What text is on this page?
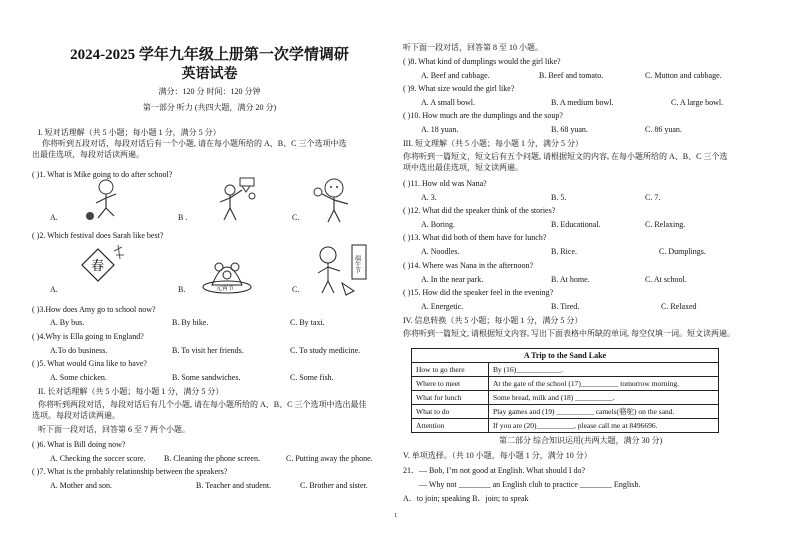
2024-2025 学年九年级上册第一次学情调研
英语试卷
满分：120 分 时间：120 分钟
第一部分 听力 (共四大题，满分 20 分)
I. 短对话理解（共 5 小题；每小题 1 分，满分 5 分）
你将听到五段对话，每段对话后有一个小题, 请在每小题所给的 A、B、C 三个选项中选
出最佳选项，每段对话读两遍。
( )1. What is Mike going to do after school?
A.	B .	C.
( )2. Which festival does Sarah like best?
A.	B.	C.
春
元宵节
端午节
( )3.How does Amy go to school now?
A. By bus.	B. By bike.	C. By taxi.
( )4.Why is Ella going to England?
A.To do business.	B. To visit her friends.	C. To study medicine.
( )5. What would Gina like to have?
A. Some chicken.	B. Some sandwiches.	C. Some fish.
II. 长对话理解（共 5 小题；每小题 1 分，满分 5 分）
你将听到两段对话，每段对话后有几个小题, 请在每小题所给的 A、B、C 三个选项中选出最佳
选项。每段对话读两遍。
听下面一段对话，回答第 6 至 7 两个小题。
( )6. What is Bill doing now?
A. Checking the soccer score. B. Cleaning the phone screen.	C. Putting away the phone.
( )7. What is the probably relationship between the speakers?
A. Mother and son.	B. Teacher and student.	C. Brother and sister.
听下面一段对话，回答第 8 至 10 小题。
( )8. What kind of dumplings would the girl like?
A. Beef and cabbage.	B. Beef and tomato.	C. Mutton and cabbage.
( )9. What size would the girl like?
A. A small bowl.	B. A medium bowl.	C. A large bowl.
( )10. How much are the dumplings and the soup?
A. 18 yuan.	B. 68 yuan.	C. 86 yuan.
III. 短文理解（共 5 小题；每小题 1 分，满分 5 分）
你将听到一篇短文，短文后有五个问题, 请根据短文的内容, 在每小题所给的 A、B、C 三个选
项中选出最佳选项，短文读两遍。
( )11. How old was Nana?
A. 3.	B. 5.	C. 7.
( )12. What did the speaker think of the stories?
A. Boring.	B. Educational.	C. Relaxing.
( )13. What did both of them have for lunch?
A. Noodles.	B. Rice.	C. Dumplings.
( )14. Where was Nana in the afternoon?
A. In the near park.	B. At home.	C. At school.
( )15. How did the speaker feel in the evening?
A. Energetic.	B. Tired.	C. Relaxed
IV. 信息转换（共 5 小题；每小题 1 分，满分 5 分）
你将听到一篇短文, 请根据短文内容, 写出下面表格中所缺的单词, 每空仅填一词。短文读两遍。
A Trip to the Sand Lake	
How to go there	By (16)____________.
Where to meet	At the gate of the school (17)__________ tomorrow morning.
What for lunch	Some bread, milk and (18) __________.
What to do	Play games and (19) __________ camels(骆驼) on the sand.
Attention	If you are (20)__________, please call me at 8496696.
第二部分 综合知识运用(共两大题，满分 30 分)
V. 单项选择。（共 10 小题，每小题 1 分，满分 10 分）
21．— Bob, I’m not good at English. What should I do?
— Why not ________ an English club to practice ________ English.
A．to join; speaking B．join; to speak
1
